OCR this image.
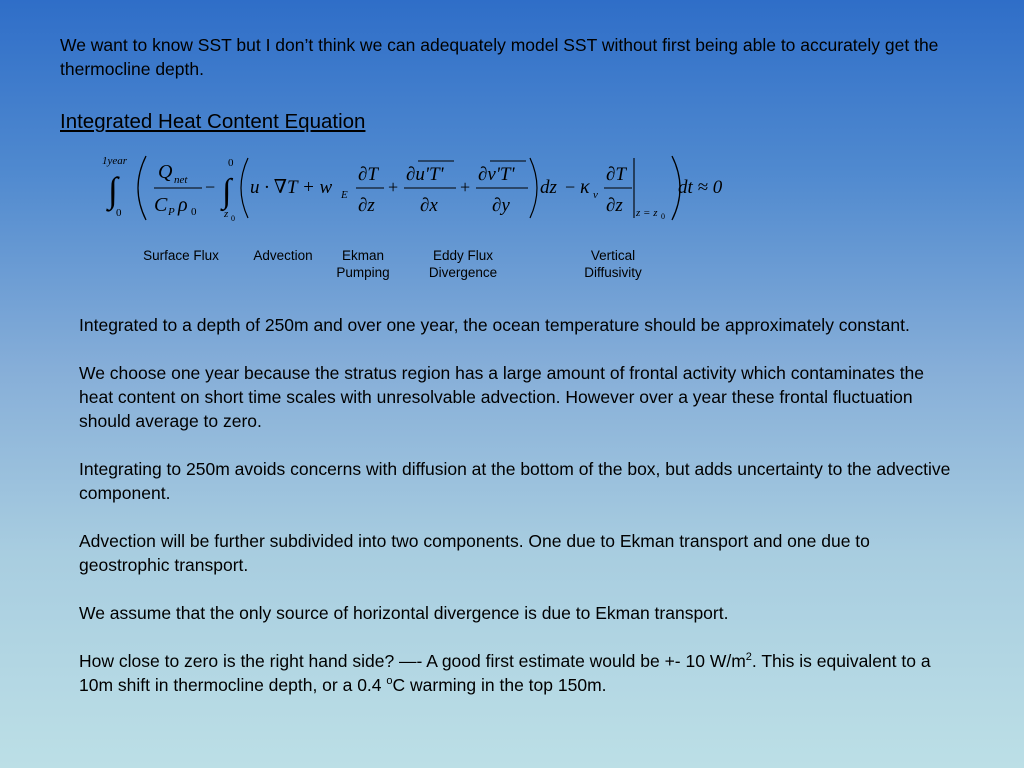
We want to know SST but I don’t think we can adequately model SST without first being able to accurately get the thermocline depth.
Integrated Heat Content Equation
∫
1year
0
Q net
C P ρ 0
− ∫
0
z 0
u · ∇T + w E
∂T
∂z
+
∂u'T'
∂x
+
∂v'T'
∂y
dz − κ v
∂T
∂z z = z 0
dt ≈ 0
Surface Flux	Advection	Ekman
Pumping
Eddy Flux
Divergence
Vertical
Diffusivity

Integrated to a depth of 250m and over one year, the ocean temperature should be approximately constant.

We choose one year because the stratus region has a large amount of frontal activity which contaminates the heat content on short time scales with unresolvable advection. However over a year these frontal fluctuation should average to zero.

Integrating to 250m avoids concerns with diffusion at the bottom of the box, but adds uncertainty to the advective component.

Advection will be further subdivided into two components. One due to Ekman transport and one due to geostrophic transport.

We assume that the only source of horizontal divergence is due to Ekman transport.

How close to zero is the right hand side? —- A good first estimate would be +- 10 $W/m^2$. This is equivalent to a 10m shift in thermocline depth, or a 0.4 $^o$C warming in the top 150m.
